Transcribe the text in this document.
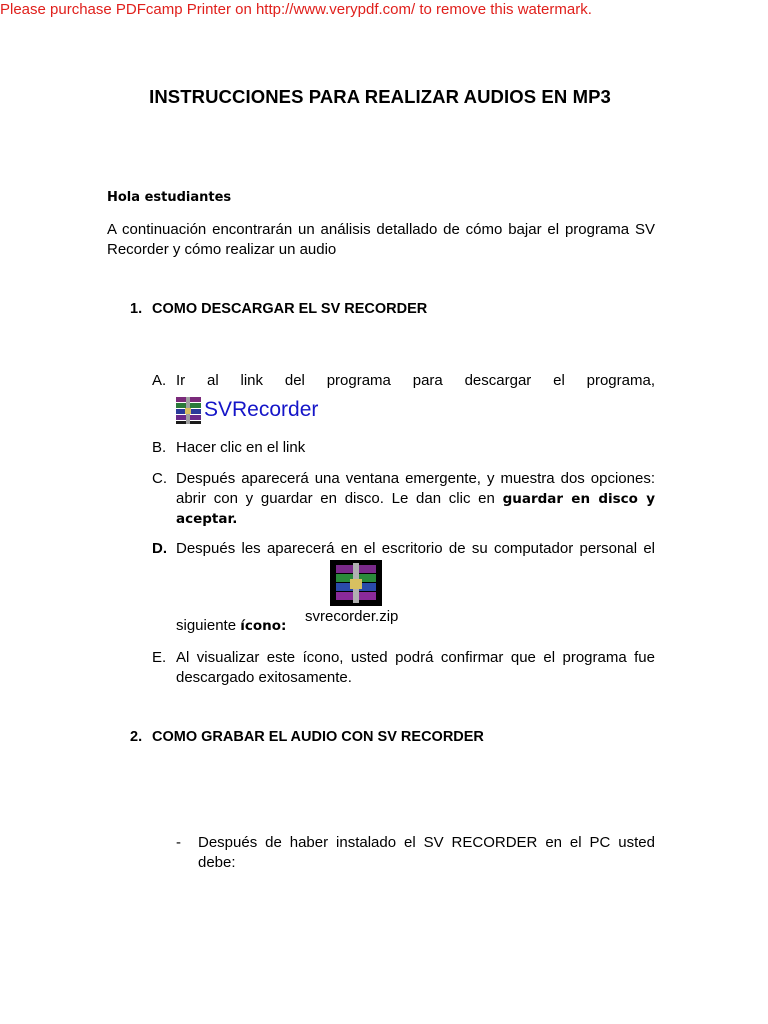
Please purchase PDFcamp Printer on http://www.verypdf.com/ to remove this watermark.
INSTRUCCIONES PARA REALIZAR AUDIOS EN MP3
Hola estudiantes
A continuación encontrarán un análisis detallado de cómo bajar el programa SV Recorder y cómo realizar un audio
1. COMO DESCARGAR EL SV RECORDER
A. Ir al link del programa para descargar el programa,
SVRecorder
B. Hacer clic en el link
C. Después aparecerá una ventana emergente, y muestra dos opciones: abrir con y guardar en disco. Le dan clic en guardar en disco y aceptar.
D. Después les aparecerá en el escritorio de su computador personal el
svrecorder.zip
siguiente ícono:
E. Al visualizar este ícono, usted podrá confirmar que el programa fue descargado exitosamente.
2. COMO GRABAR EL AUDIO CON SV RECORDER
- Después de haber instalado el SV RECORDER en el PC usted debe:
